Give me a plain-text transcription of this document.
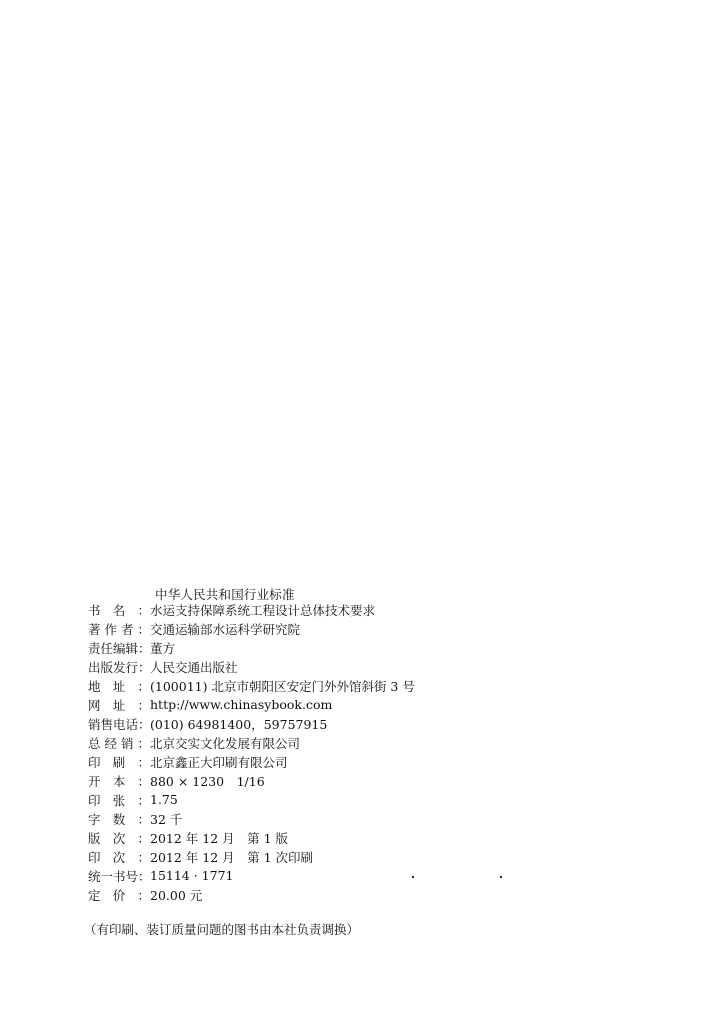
中华人民共和国行业标准
书名： 水运支持保障系统工程设计总体技术要求
著作者： 交通运输部水运科学研究院
责任编辑： 董方
出版发行： 人民交通出版社
地址： (100011) 北京市朝阳区安定门外外馆斜街 3 号
网址： http://www.chinasybook.com
销售电话： (010) 64981400，59757915
总经销： 北京交实文化发展有限公司
印刷： 北京鑫正大印刷有限公司
开本： 880 × 1230　1/16
印张： 1.75
字数： 32 千
版次： 2012 年 12 月　第 1 版
印次： 2012 年 12 月　第 1 次印刷
统一书号： 15114 · 1771
定价： 20.00 元
（有印刷、装订质量问题的图书由本社负责调换）
